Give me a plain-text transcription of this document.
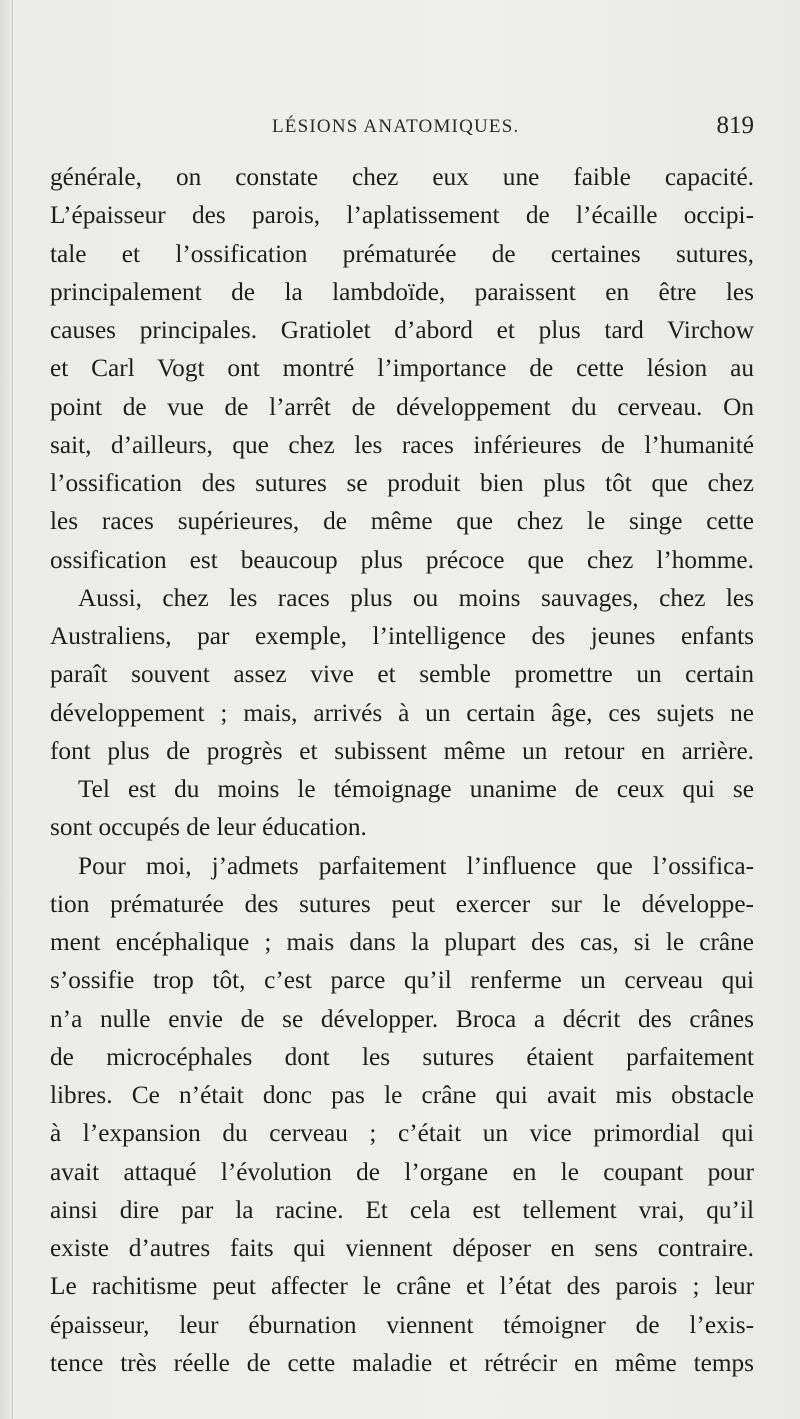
LÉSIONS ANATOMIQUES.	819
générale, on constate chez eux une faible capacité.
L’épaisseur des parois, l’aplatissement de l’écaille occipi-
tale et l’ossification prématurée de certaines sutures,
principalement de la lambdoïde, paraissent en être les
causes principales. Gratiolet d’abord et plus tard Virchow
et Carl Vogt ont montré l’importance de cette lésion au
point de vue de l’arrêt de développement du cerveau. On
sait, d’ailleurs, que chez les races inférieures de l’humanité
l’ossification des sutures se produit bien plus tôt que chez
les races supérieures, de même que chez le singe cette
ossification est beaucoup plus précoce que chez l’homme.
Aussi, chez les races plus ou moins sauvages, chez les
Australiens, par exemple, l’intelligence des jeunes enfants
paraît souvent assez vive et semble promettre un certain
développement ; mais, arrivés à un certain âge, ces sujets ne
font plus de progrès et subissent même un retour en arrière.
Tel est du moins le témoignage unanime de ceux qui se
sont occupés de leur éducation.
Pour moi, j’admets parfaitement l’influence que l’ossifica-
tion prématurée des sutures peut exercer sur le développe-
ment encéphalique ; mais dans la plupart des cas, si le crâne
s’ossifie trop tôt, c’est parce qu’il renferme un cerveau qui
n’a nulle envie de se développer. Broca a décrit des crânes
de microcéphales dont les sutures étaient parfaitement
libres. Ce n’était donc pas le crâne qui avait mis obstacle
à l’expansion du cerveau ; c’était un vice primordial qui
avait attaqué l’évolution de l’organe en le coupant pour
ainsi dire par la racine. Et cela est tellement vrai, qu’il
existe d’autres faits qui viennent déposer en sens contraire.
Le rachitisme peut affecter le crâne et l’état des parois ; leur
épaisseur, leur éburnation viennent témoigner de l’exis-
tence très réelle de cette maladie et rétrécir en même temps
